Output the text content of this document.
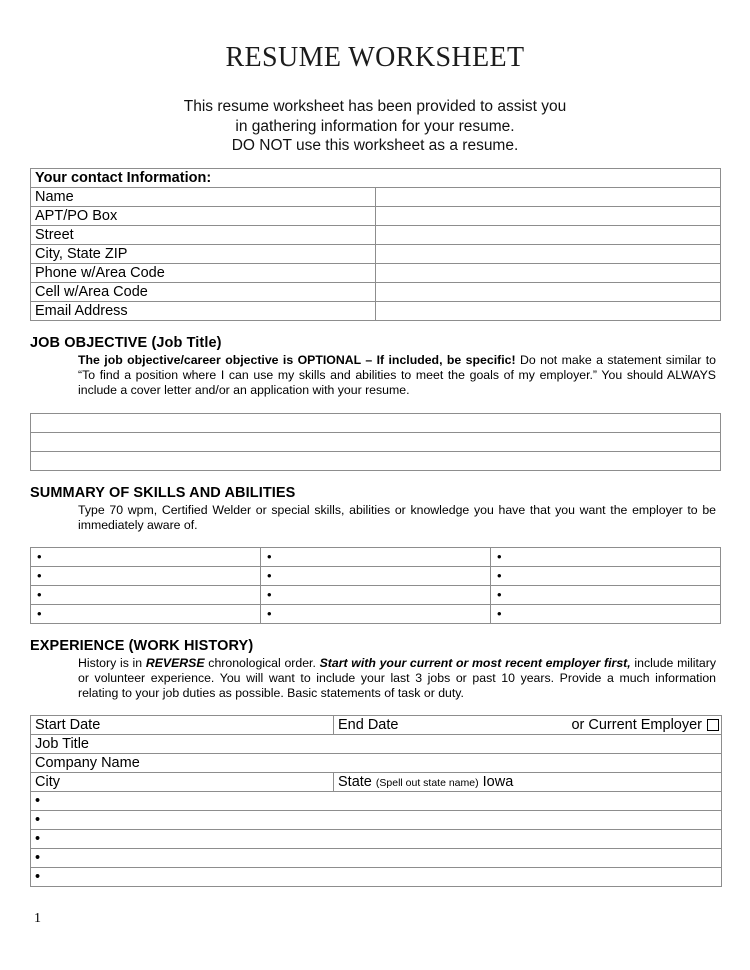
RESUME WORKSHEET
This resume worksheet has been provided to assist you
in gathering information for your resume.
DO NOT use this worksheet as a resume.
Your contact Information:	
Name	
APT/PO Box	
Street	
City, State ZIP	
Phone w/Area Code	
Cell w/Area Code	
Email Address	
JOB OBJECTIVE (Job Title)

The job objective/career objective is OPTIONAL – If included, be specific! Do not make a statement similar to “To find a position where I can use my skills and abilities to meet the goals of my employer.” You should ALWAYS include a cover letter and/or an application with your resume.

SUMMARY OF SKILLS AND ABILITIES

Type 70 wpm, Certified Welder or special skills, abilities or knowledge you have that you want the employer to be immediately aware of.

•	•	•
•	•	•
•	•	•
•	•	•
EXPERIENCE (WORK HISTORY)

History is in REVERSE chronological order. Start with your current or most recent employer first, include military or volunteer experience. You will want to include your last 3 jobs or past 10 years. Provide a much information relating to your job duties as possible. Basic statements of task or duty.

Start Date	End Date or Current Employer

Job Title	
Company Name	
City	State (Spell out state name) Iowa
•	
•	
•	
•	
•	
1
